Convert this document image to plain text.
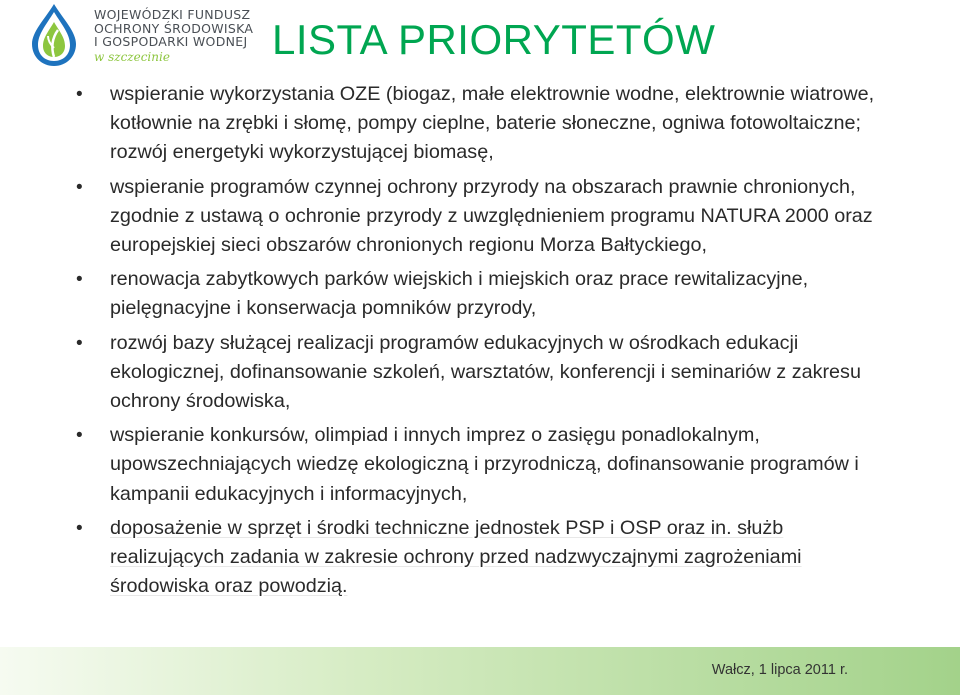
WOJEWÓDZKI FUNDUSZ
OCHRONY ŚRODOWISKA
I GOSPODARKI WODNEJ
w szczecinie	LISTA PRIORYTETÓW
• wspieranie wykorzystania OZE (biogaz, małe elektrownie wodne, elektrownie wiatrowe, kotłownie na zrębki i słomę, pompy cieplne, baterie słoneczne, ogniwa fotowoltaiczne; rozwój energetyki wykorzystującej biomasę,
• wspieranie programów czynnej ochrony przyrody na obszarach prawnie chronionych, zgodnie z ustawą o ochronie przyrody z uwzględnieniem programu NATURA 2000 oraz europejskiej sieci obszarów chronionych regionu Morza Bałtyckiego,
• renowacja zabytkowych parków wiejskich i miejskich oraz prace rewitalizacyjne, pielęgnacyjne i konserwacja pomników przyrody,
• rozwój bazy służącej realizacji programów edukacyjnych w ośrodkach edukacji ekologicznej, dofinansowanie szkoleń, warsztatów, konferencji i seminariów z zakresu ochrony środowiska,
• wspieranie konkursów, olimpiad i innych imprez o zasięgu ponadlokalnym, upowszechniających wiedzę ekologiczną i przyrodniczą, dofinansowanie programów i kampanii edukacyjnych i informacyjnych,
• doposażenie w sprzęt i środki techniczne jednostek PSP i OSP oraz in. służb realizujących zadania w zakresie ochrony przed nadzwyczajnymi zagrożeniami środowiska oraz powodzią.
Wałcz, 1 lipca 2011 r.
